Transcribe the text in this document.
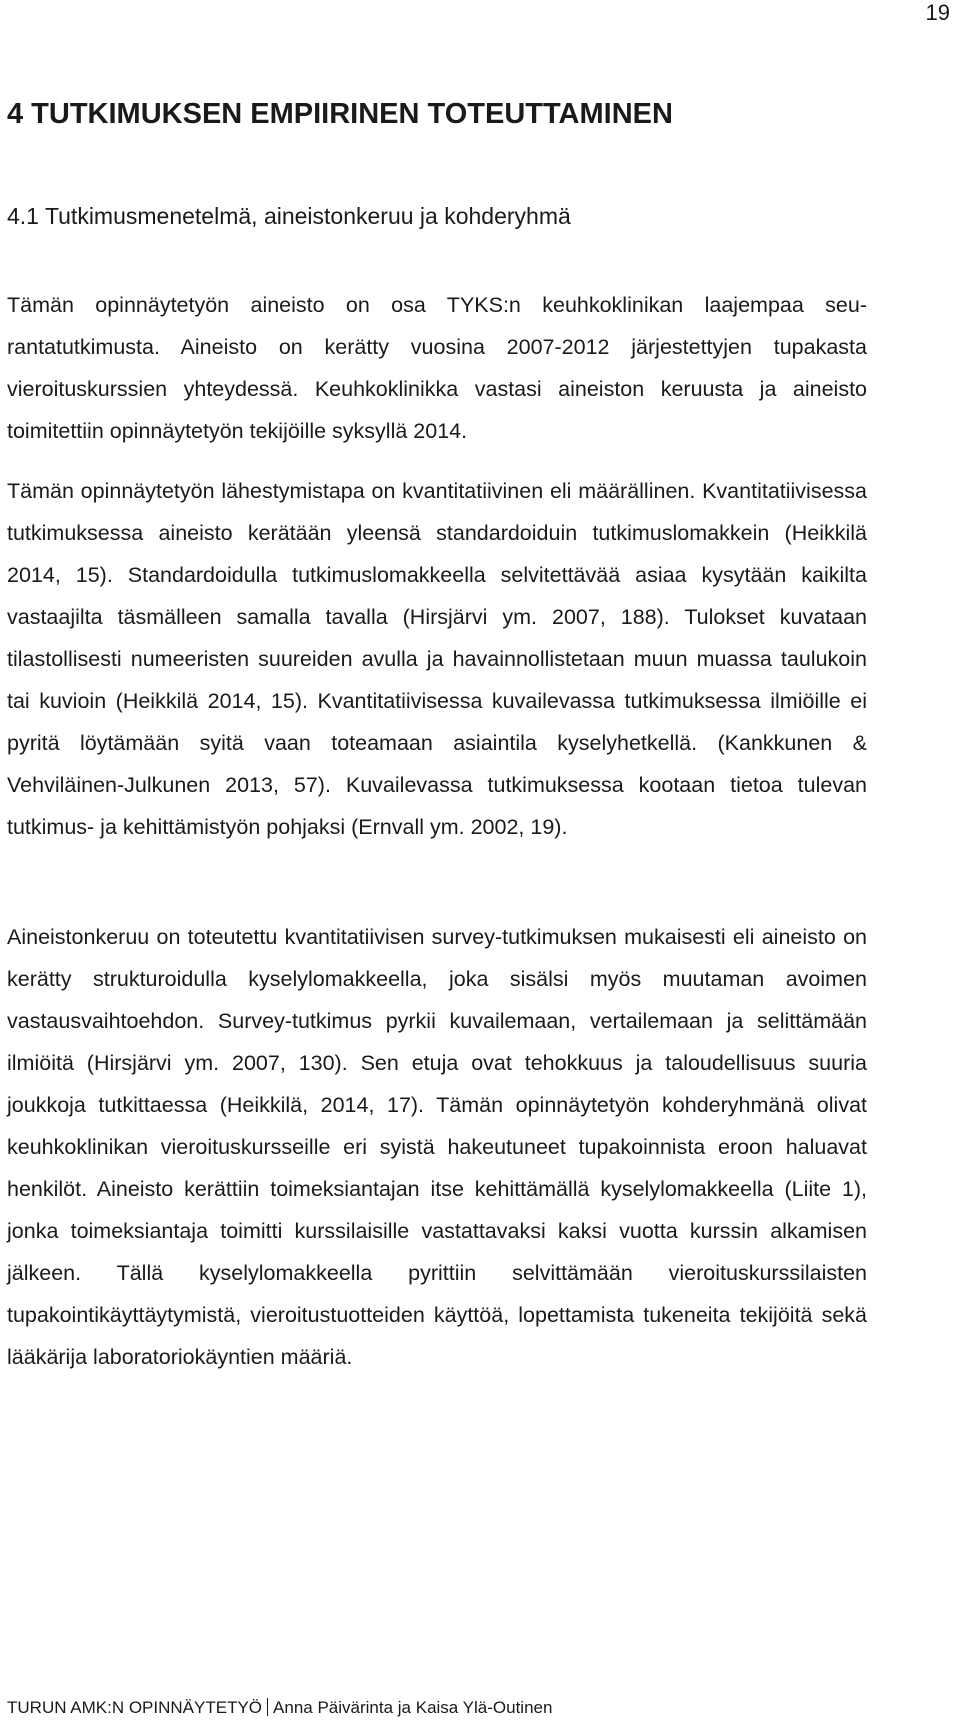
19
4 TUTKIMUKSEN EMPIIRINEN TOTEUTTAMINEN
4.1 Tutkimusmenetelmä, aineistonkeruu ja kohderyhmä

Tämän opinnäytetyön aineisto on osa TYKS:n keuhkoklinikan laajempaa seurantatutkimusta. Aineisto on kerätty vuosina 2007-2012 järjestettyjen tupakasta vieroituskurssien yhteydessä. Keuhkoklinikka vastasi aineiston keruusta ja aineisto toimitettiin opinnäytetyön tekijöille syksyllä 2014.

Tämän opinnäytetyön lähestymistapa on kvantitatiivinen eli määrällinen. Kvantitatiivisessa tutkimuksessa aineisto kerätään yleensä standardoiduin tutkimuslomakkein (Heikkilä 2014, 15). Standardoidulla tutkimuslomakkeella selvitettävää asiaa kysytään kaikilta vastaajilta täsmälleen samalla tavalla (Hirsjärvi ym. 2007, 188). Tulokset kuvataan tilastollisesti numeeristen suureiden avulla ja havainnollistetaan muun muassa taulukoin tai kuvioin (Heikkilä 2014, 15). Kvantitatiivisessa kuvailevassa tutkimuksessa ilmiöille ei pyritä löytämään syitä vaan toteamaan asiaintila kyselyhetkellä. (Kankkunen & Vehviläinen-Julkunen 2013, 57). Kuvailevassa tutkimuksessa kootaan tietoa tulevan tutkimus- ja kehittämistyön pohjaksi (Ernvall ym. 2002, 19).

Aineistonkeruu on toteutettu kvantitatiivisen survey-tutkimuksen mukaisesti eli aineisto on kerätty strukturoidulla kyselylomakkeella, joka sisälsi myös muutaman avoimen vastausvaihtoehdon. Survey-tutkimus pyrkii kuvailemaan, vertailemaan ja selittämään ilmiöitä (Hirsjärvi ym. 2007, 130). Sen etuja ovat tehokkuus ja taloudellisuus suuria joukkoja tutkittaessa (Heikkilä, 2014, 17). Tämän opinnäytetyön kohderyhmänä olivat keuhkoklinikan vieroituskursseille eri syistä hakeutuneet tupakoinnista eroon haluavat henkilöt. Aineisto kerättiin toimeksiantajan itse kehittämällä kyselylomakkeella (Liite 1), jonka toimeksiantaja toimitti kurssilaisille vastattavaksi kaksi vuotta kurssin alkamisen jälkeen. Tällä kyselylomakkeella pyrittiin selvittämään vieroituskurssilaisten tupakointikäyttäytymistä, vieroitustuotteiden käyttöä, lopettamista tukeneita tekijöitä sekä lääkärija laboratoriokäyntien määriä.

TURUN AMK:N OPINNÄYTETYÖ Anna Päivärinta ja Kaisa Ylä-Outinen
